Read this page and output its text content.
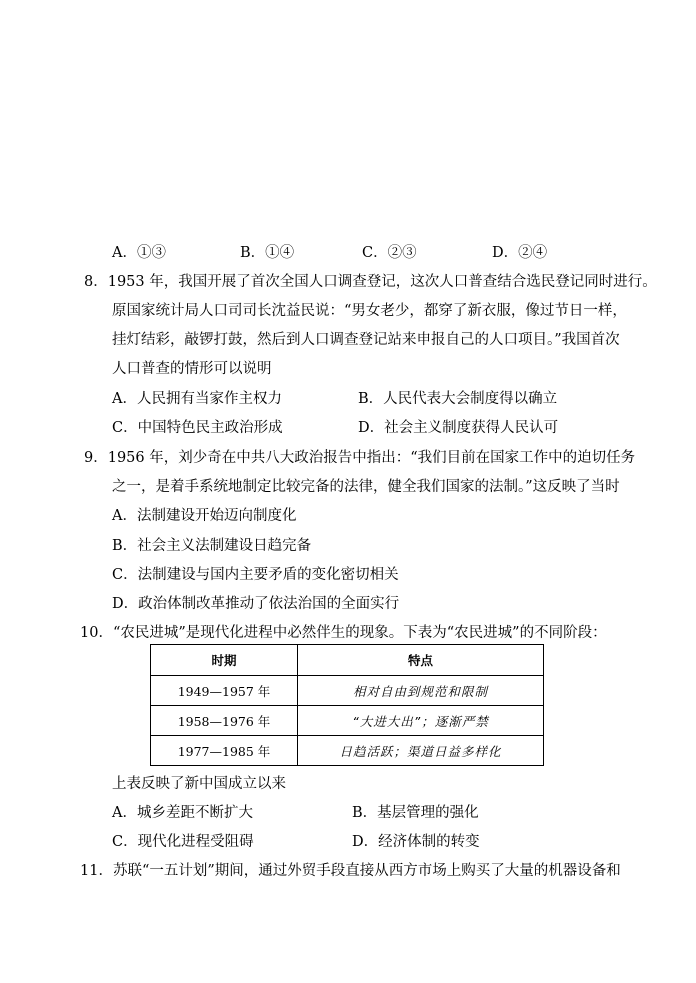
A．①③	B．①④	C．②③	D．②④
8．1953 年，我国开展了首次全国人口调查登记，这次人口普查结合选民登记同时进行。
原国家统计局人口司司长沈益民说：“男女老少，都穿了新衣服，像过节日一样，
挂灯结彩，敲锣打鼓，然后到人口调查登记站来申报自己的人口项目。”我国首次
人口普查的情形可以说明
A．人民拥有当家作主权力	B．人民代表大会制度得以确立
C．中国特色民主政治形成	D．社会主义制度获得人民认可
9．1956 年，刘少奇在中共八大政治报告中指出：“我们目前在国家工作中的迫切任务
之一，是着手系统地制定比较完备的法律，健全我们国家的法制。”这反映了当时
A．法制建设开始迈向制度化
B．社会主义法制建设日趋完备
C．法制建设与国内主要矛盾的变化密切相关
D．政治体制改革推动了依法治国的全面实行
10．“农民进城”是现代化进程中必然伴生的现象。下表为“农民进城”的不同阶段：
时期	特点
1949—1957 年	相对自由到规范和限制
1958—1976 年	“大进大出”；逐渐严禁
1977—1985 年	日趋活跃；渠道日益多样化
上表反映了新中国成立以来
A．城乡差距不断扩大	B．基层管理的强化
C．现代化进程受阻碍	D．经济体制的转变
11．苏联“一五计划”期间，通过外贸手段直接从西方市场上购买了大量的机器设备和
